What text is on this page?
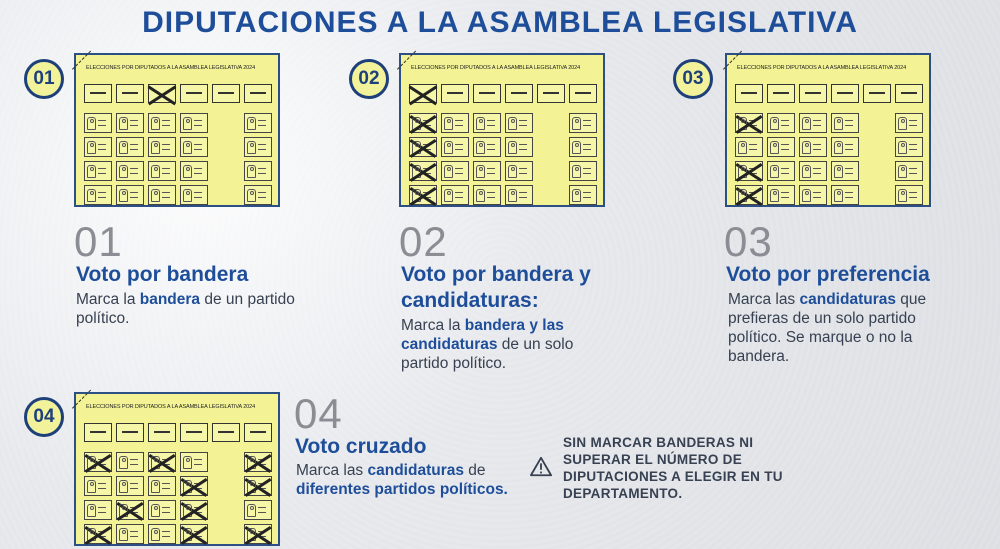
DIPUTACIONES A LA ASAMBLEA LEGISLATIVA
01	ELECCIONES POR DIPUTADOS A LA ASAMBLEA LEGISLATIVA 2024	02	ELECCIONES POR DIPUTADOS A LA ASAMBLEA LEGISLATIVA 2024	03	ELECCIONES POR DIPUTADOS A LA ASAMBLEA LEGISLATIVA 2024
04	ELECCIONES POR DIPUTADOS A LA ASAMBLEA LEGISLATIVA 2024
01
Voto por bandera
Marca la bandera de un partido político.
02
Voto por bandera y candidaturas:
Marca la bandera y las candidaturas de un solo partido político.
03
Voto por preferencia
Marca las candidaturas que prefieras de un solo partido político. Se marque o no la bandera.
04
Voto cruzado
Marca las candidaturas de diferentes partidos políticos.
SIN MARCAR BANDERAS NI SUPERAR EL NÚMERO DE DIPUTACIONES A ELEGIR EN TU DEPARTAMENTO.
